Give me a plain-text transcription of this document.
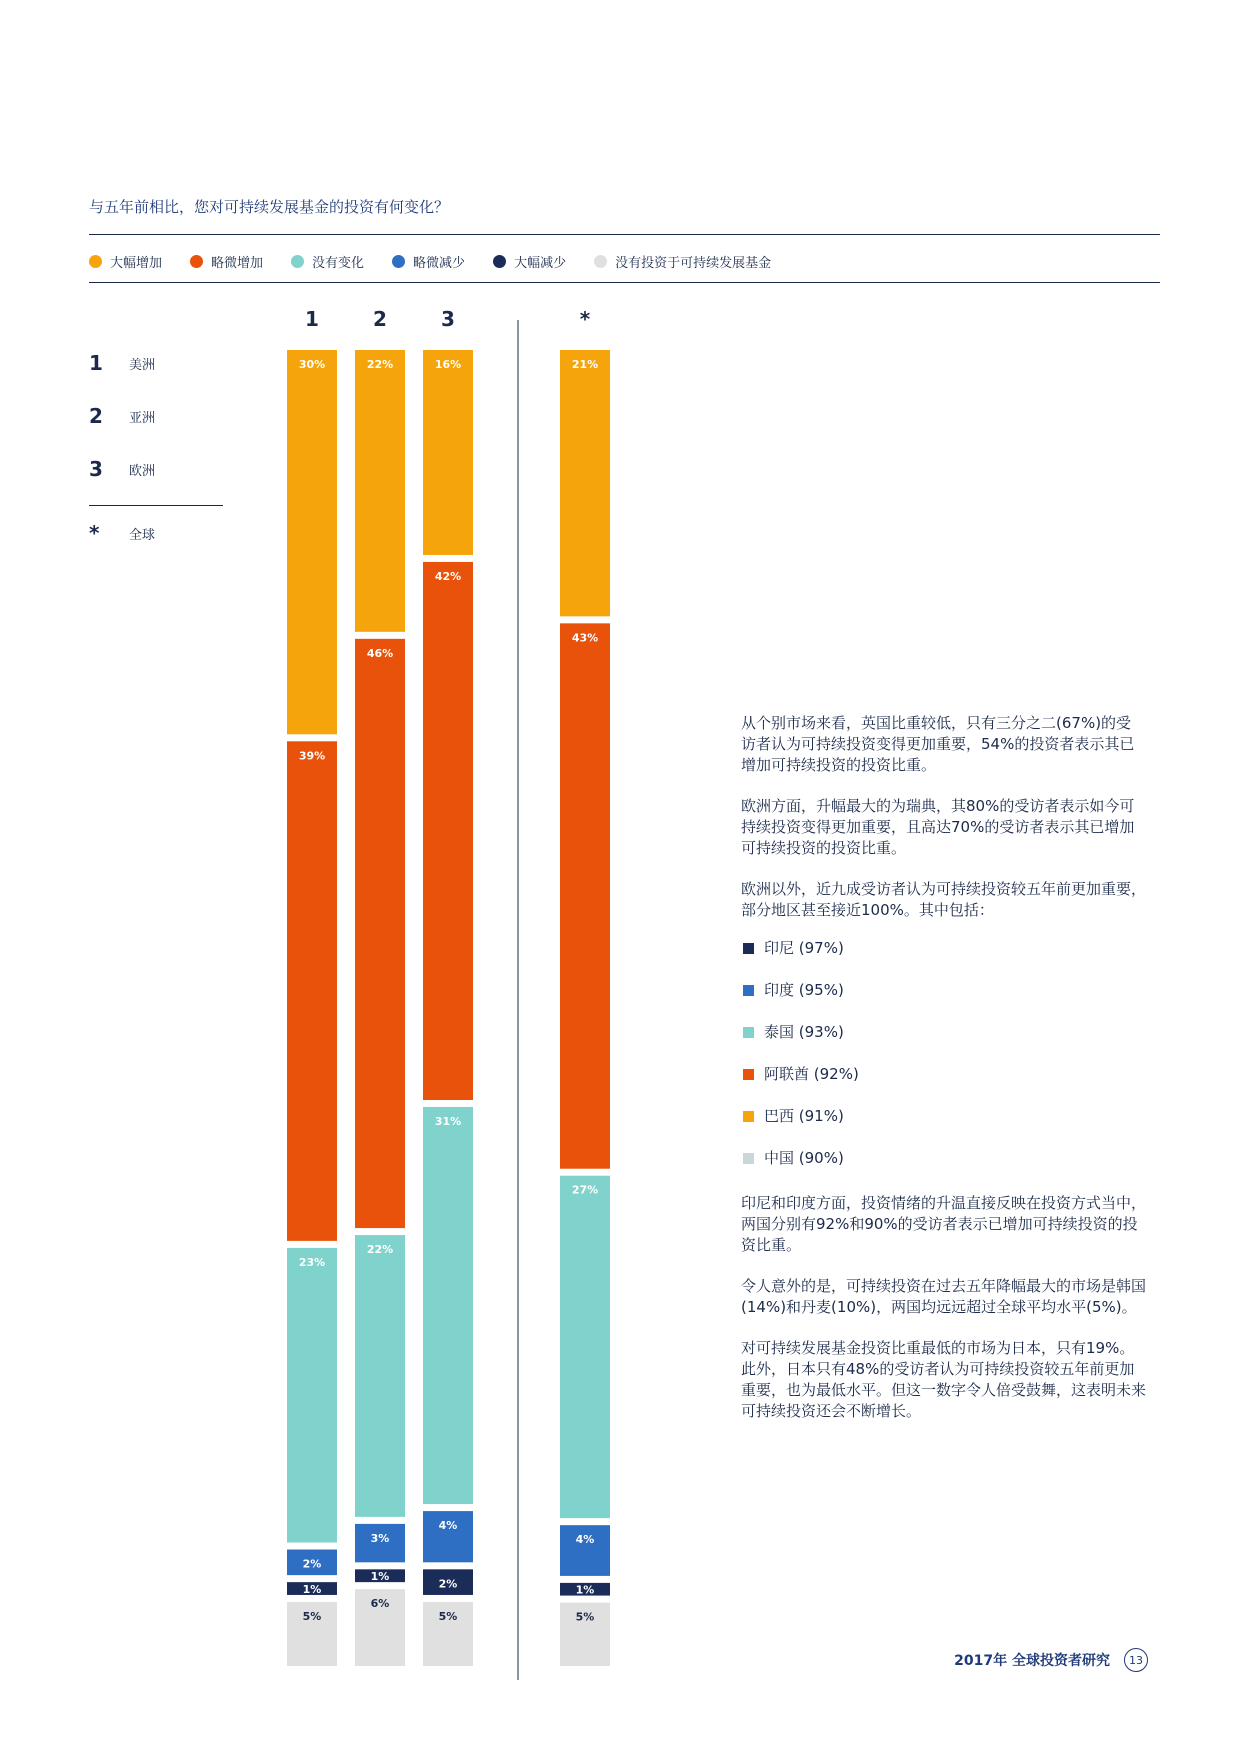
与五年前相比，您对可持续发展基金的投资有何变化？
大幅增加	略微增加	没有变化	略微减少	大幅减少	没有投资于可持续发展基金
1	美洲
2	亚洲
3	欧洲
*	全球
1
30%
39%
23%
2%
1%
5%
2
22%
46%
22%
3%
1%
6%
3
16%
42%
31%
4%
2%
5%
*
21%
43%
27%
4%
1%
5%

从个别市场来看，英国比重较低，只有三分之二(67%)的受访者认为可持续投资变得更加重要，54%的投资者表示其已增加可持续投资的投资比重。

欧洲方面，升幅最大的为瑞典，其80%的受访者表示如今可持续投资变得更加重要，且高达70%的受访者表示其已增加可持续投资的投资比重。

欧洲以外，近九成受访者认为可持续投资较五年前更加重要，部分地区甚至接近100%。其中包括：

印尼 (97%)
印度 (95%)
泰国 (93%)
阿联酋 (92%)
巴西 (91%)
中国 (90%)

印尼和印度方面，投资情绪的升温直接反映在投资方式当中，两国分别有92%和90%的受访者表示已增加可持续投资的投资比重。

令人意外的是，可持续投资在过去五年降幅最大的市场是韩国(14%)和丹麦(10%)，两国均远远超过全球平均水平(5%)。

对可持续发展基金投资比重最低的市场为日本，只有19%。此外，日本只有48%的受访者认为可持续投资较五年前更加重要，也为最低水平。但这一数字令人倍受鼓舞，这表明未来可持续投资还会不断增长。

2017年 全球投资者研究	13
